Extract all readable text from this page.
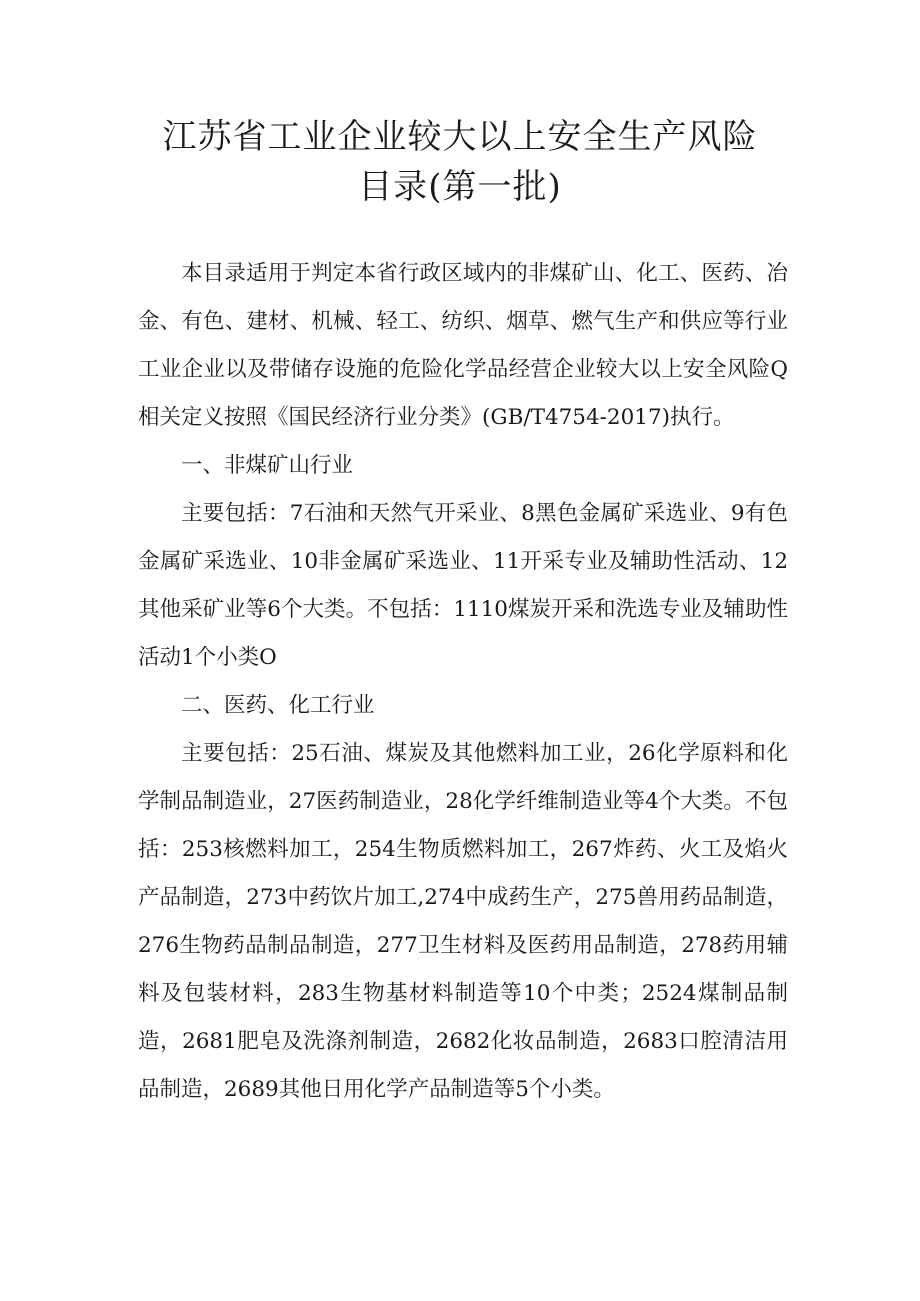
江苏省工业企业较大以上安全生产风险
目录(第一批)

本目录适用于判定本省行政区域内的非煤矿山、化工、医药、冶金、有色、建材、机械、轻工、纺织、烟草、燃气生产和供应等行业工业企业以及带储存设施的危险化学品经营企业较大以上安全风险Q相关定义按照《国民经济行业分类》(GB/T4754-2017)执行。

一、非煤矿山行业

主要包括：7石油和天然气开采业、8黑色金属矿采选业、9有色金属矿采选业、10非金属矿采选业、11开采专业及辅助性活动、12其他采矿业等6个大类。不包括：1110煤炭开采和洗选专业及辅助性活动1个小类O

二、医药、化工行业

主要包括：25石油、煤炭及其他燃料加工业，26化学原料和化学制品制造业，27医药制造业，28化学纤维制造业等4个大类。不包括：253核燃料加工，254生物质燃料加工，267炸药、火工及焰火产品制造，273中药饮片加工,274中成药生产，275兽用药品制造，276生物药品制品制造，277卫生材料及医药用品制造，278药用辅料及包装材料，283生物基材料制造等10个中类；2524煤制品制造，2681肥皂及洗涤剂制造，2682化妆品制造，2683口腔清洁用品制造，2689其他日用化学产品制造等5个小类。
